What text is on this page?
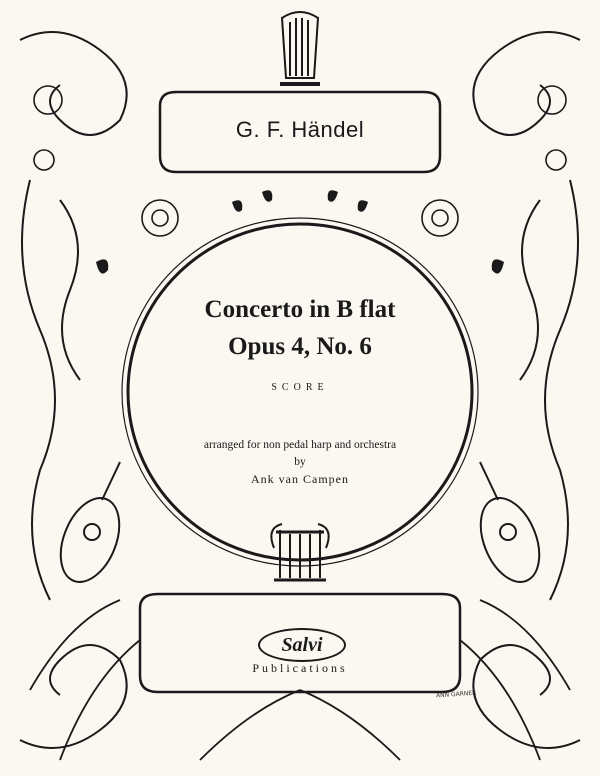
G. F. Händel
Concerto in B flat
Opus 4, No. 6
SCORE
arranged for non pedal harp and orchestra
by
Ank van Campen
Salvi
Publications
ANN GARNER
